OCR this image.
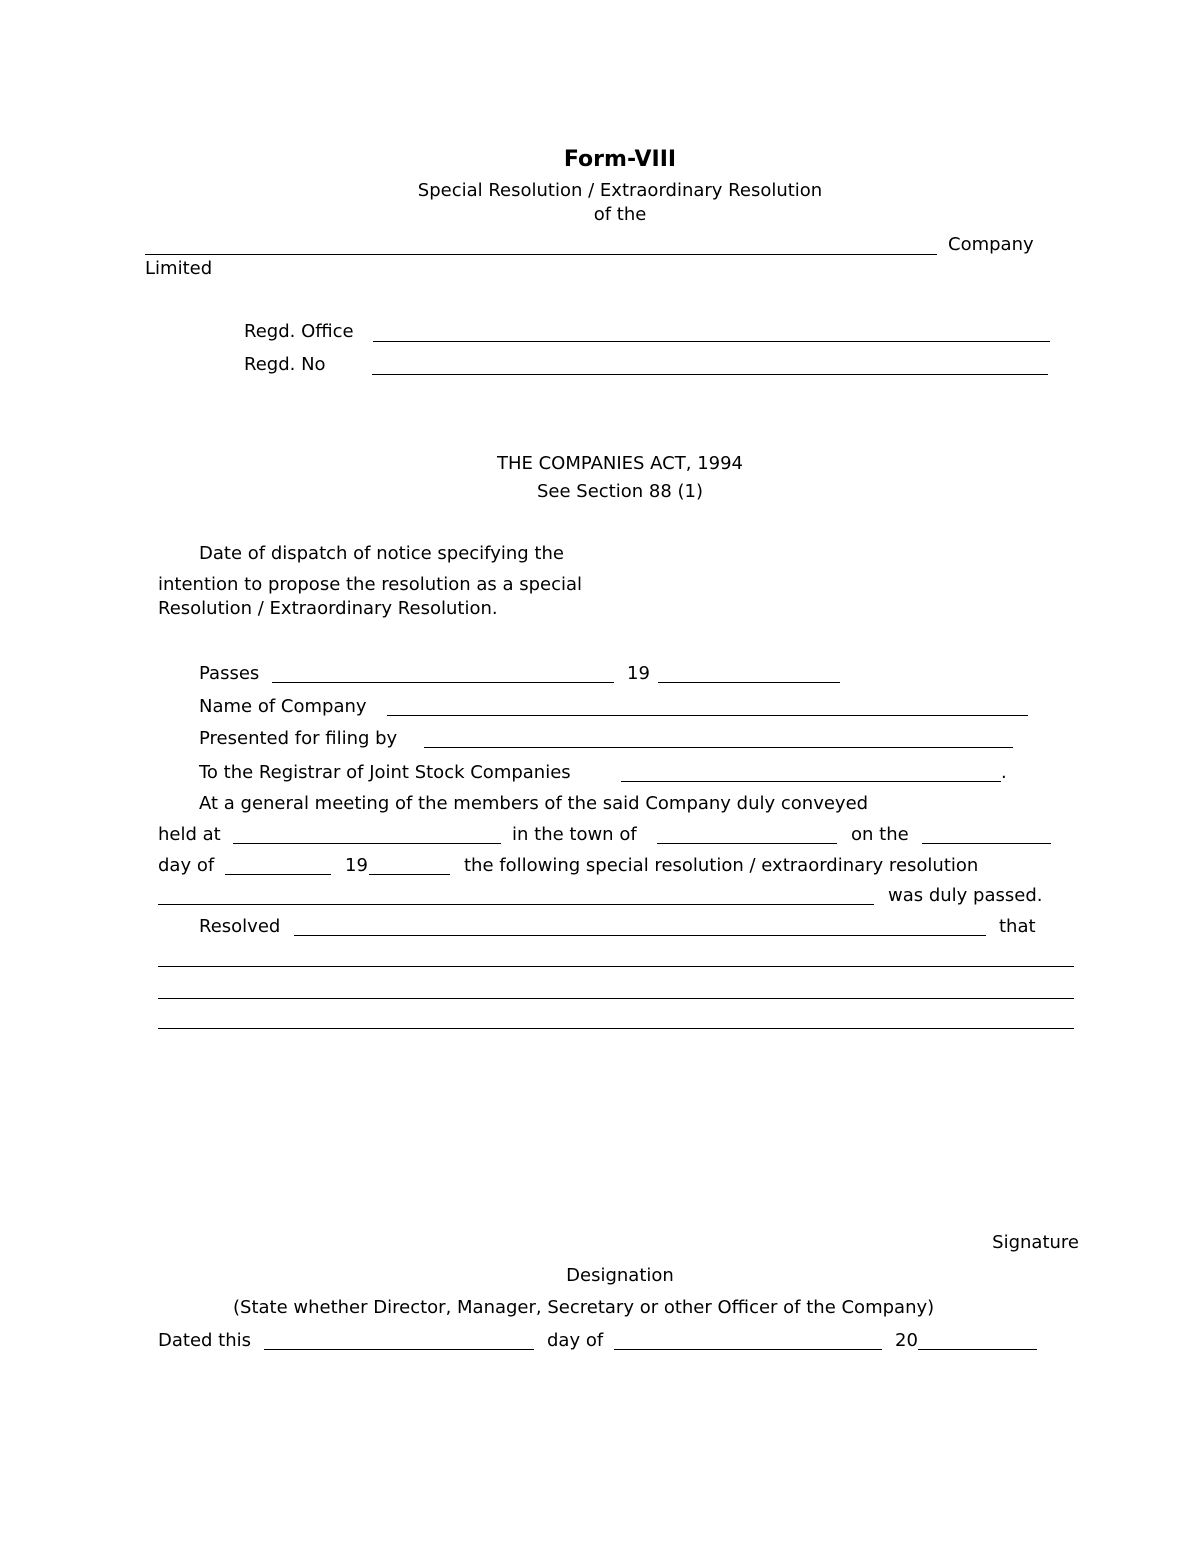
Form-VIII
Special Resolution / Extraordinary Resolution
of the
Company
Limited
Regd. Office
Regd. No
THE COMPANIES ACT, 1994
See Section 88 (1)
Date of dispatch of notice specifying the
intention to propose the resolution as a special
Resolution / Extraordinary Resolution.
Passes	19
Name of Company
Presented for filing by
To the Registrar of Joint Stock Companies	.
At a general meeting of the members of the said Company duly conveyed
held at	in the town of	on the
day of	19	the following special resolution / extraordinary resolution
was duly passed.
Resolved	that
Signature
Designation
(State whether Director, Manager, Secretary or other Officer of the Company)
Dated this	day of	20
